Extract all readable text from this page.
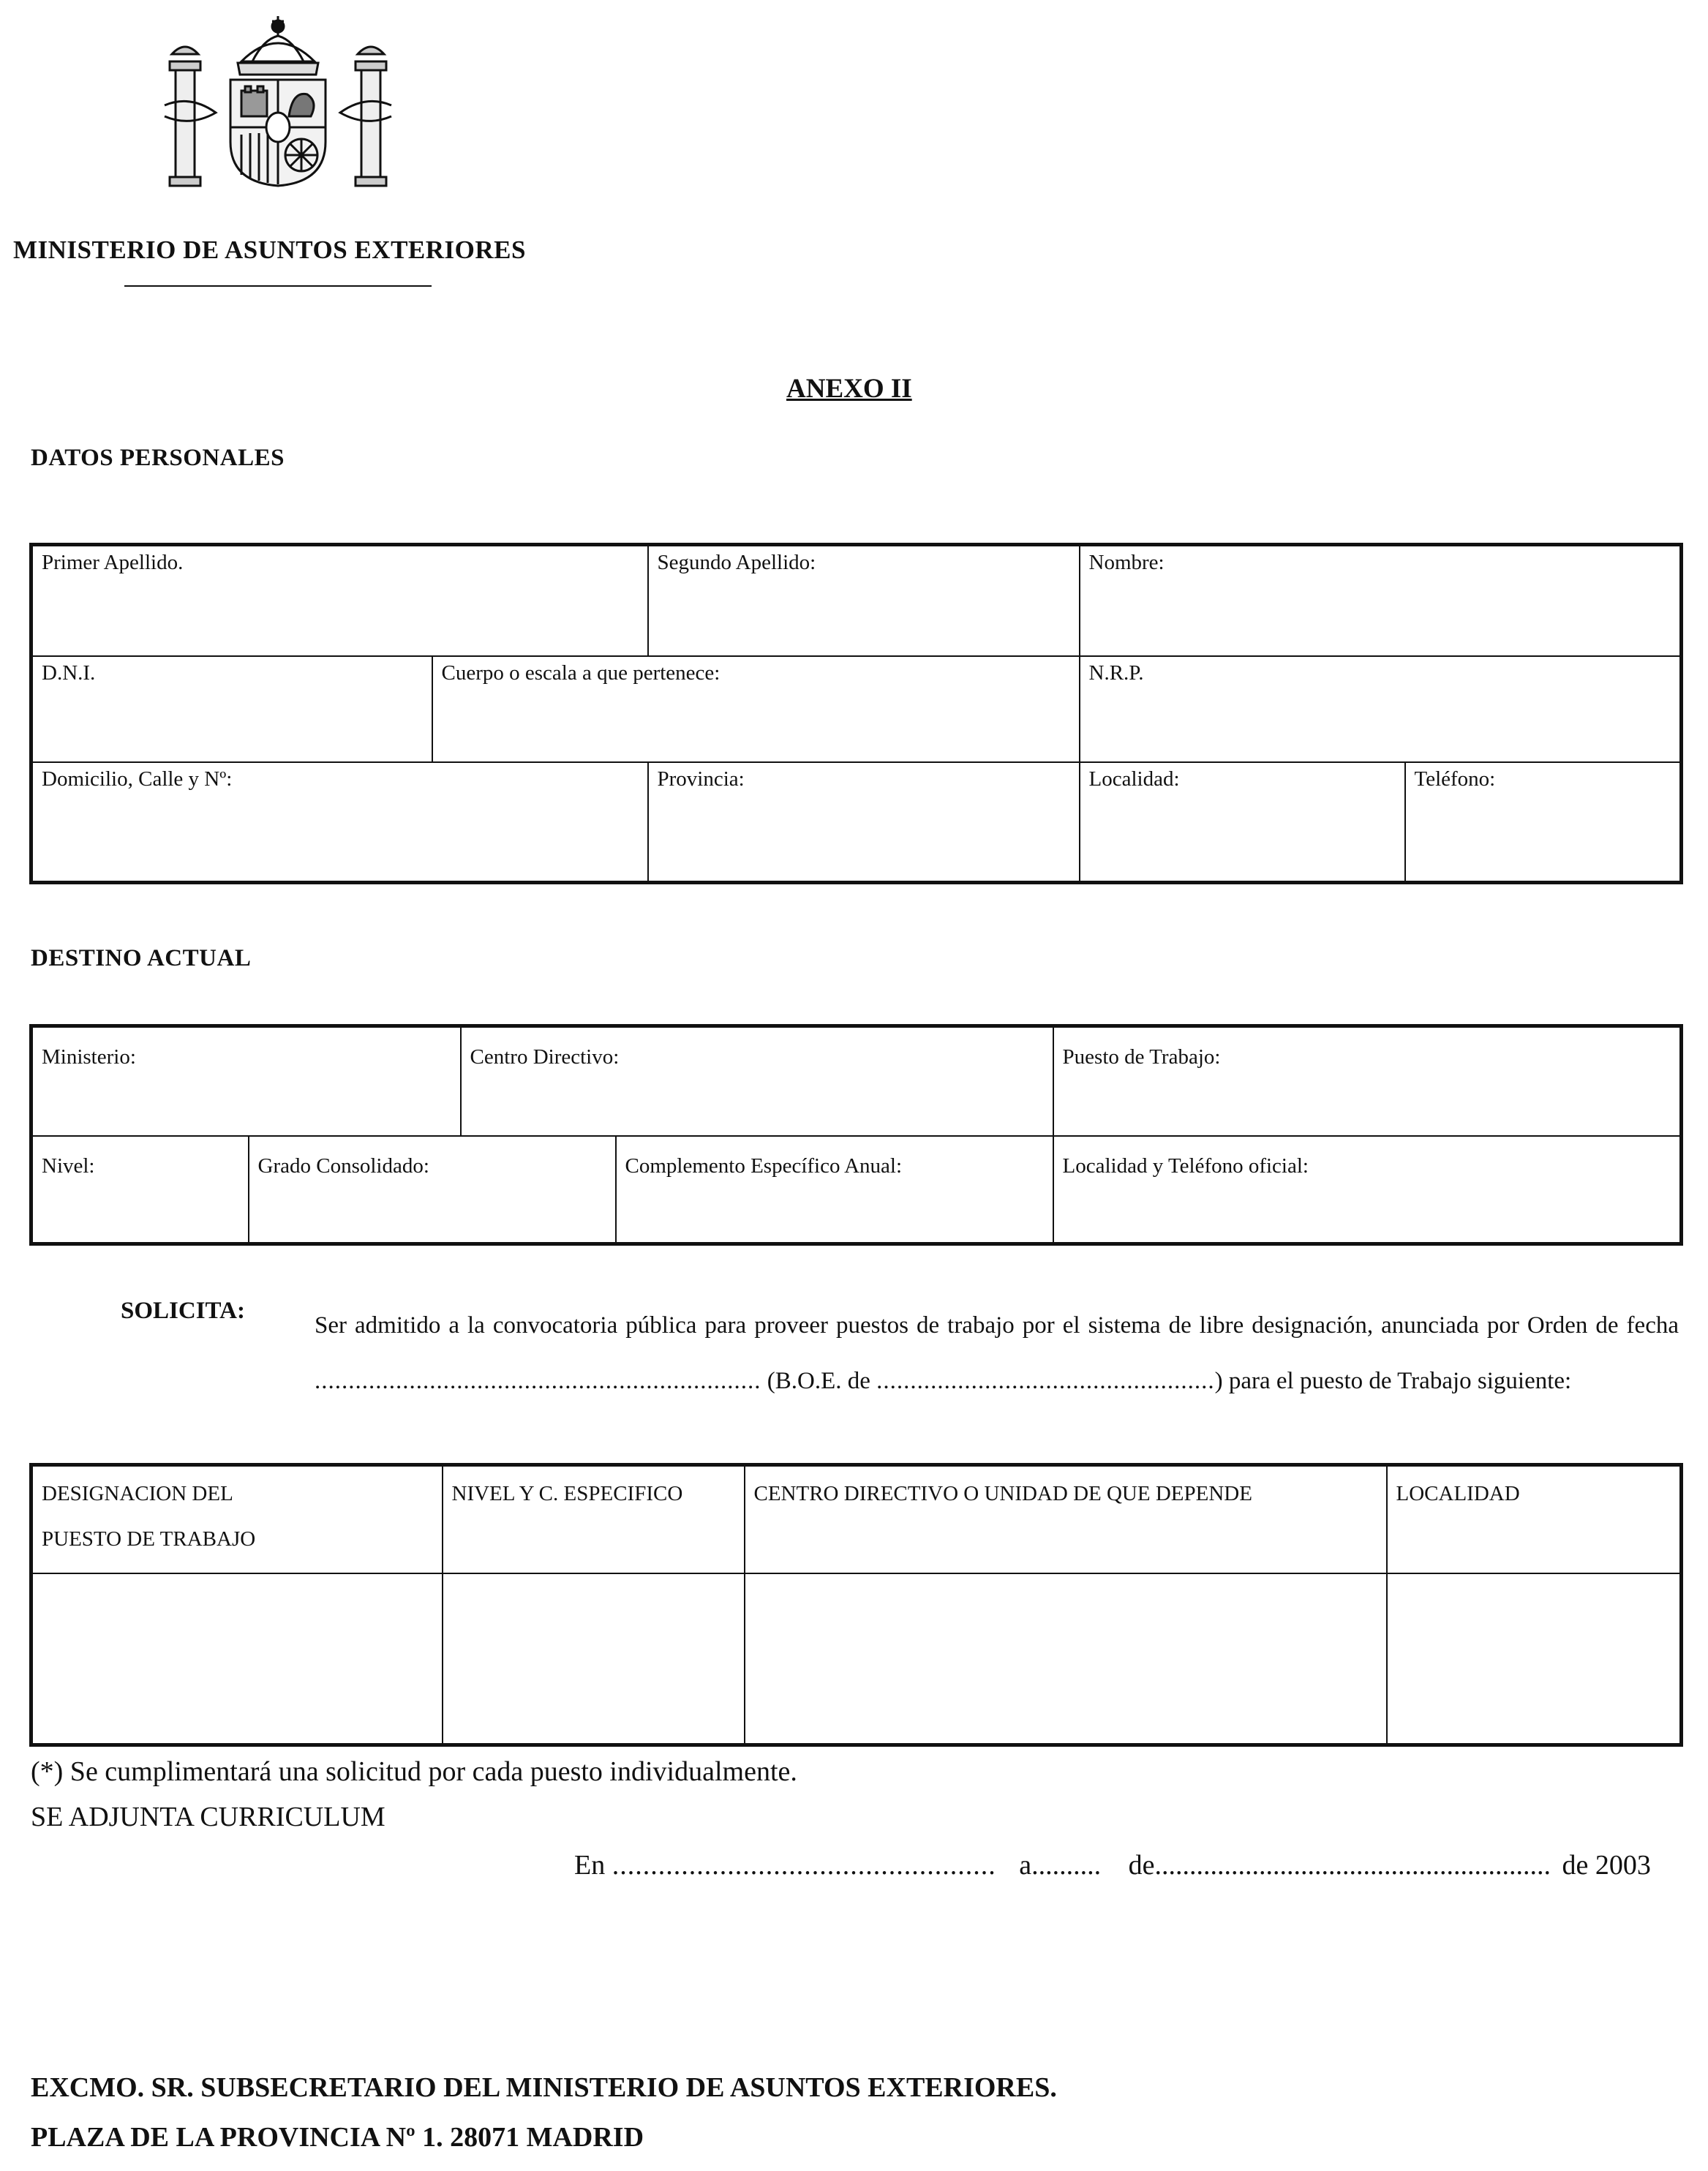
MINISTERIO DE ASUNTOS EXTERIORES
ANEXO II
DATOS PERSONALES
Primer Apellido.		Segundo Apellido:	Nombre:	

D.N.I.	Cuerpo o escala a que pertenece:		N.R.P.	

Domicilio, Calle y Nº:		Provincia:	Localidad:	Teléfono:
DESTINO ACTUAL
Ministerio:		Centro Directivo:		Puesto de Trabajo:

Nivel:	Grado Consolidado:		Complemento Específico Anual:	Localidad y Teléfono oficial:
SOLICITA:
Ser admitido a la convocatoria pública para proveer puestos de trabajo por el sistema de libre designación, anunciada por Orden de fecha .................................................................. (B.O.E. de ..................................................) para el puesto de Trabajo siguiente:
DESIGNACION DEL
PUESTO DE TRABAJO	NIVEL Y C. ESPECIFICO	CENTRO DIRECTIVO O UNIDAD DE QUE DEPENDE	LOCALIDAD

(*) Se cumplimentará una solicitud por cada puesto individualmente.
SE ADJUNTA CURRICULUM
En .................................................. a.......... de......................................................... de 2003
EXCMO. SR. SUBSECRETARIO DEL MINISTERIO DE ASUNTOS EXTERIORES.
PLAZA DE LA PROVINCIA Nº 1. 28071 MADRID
